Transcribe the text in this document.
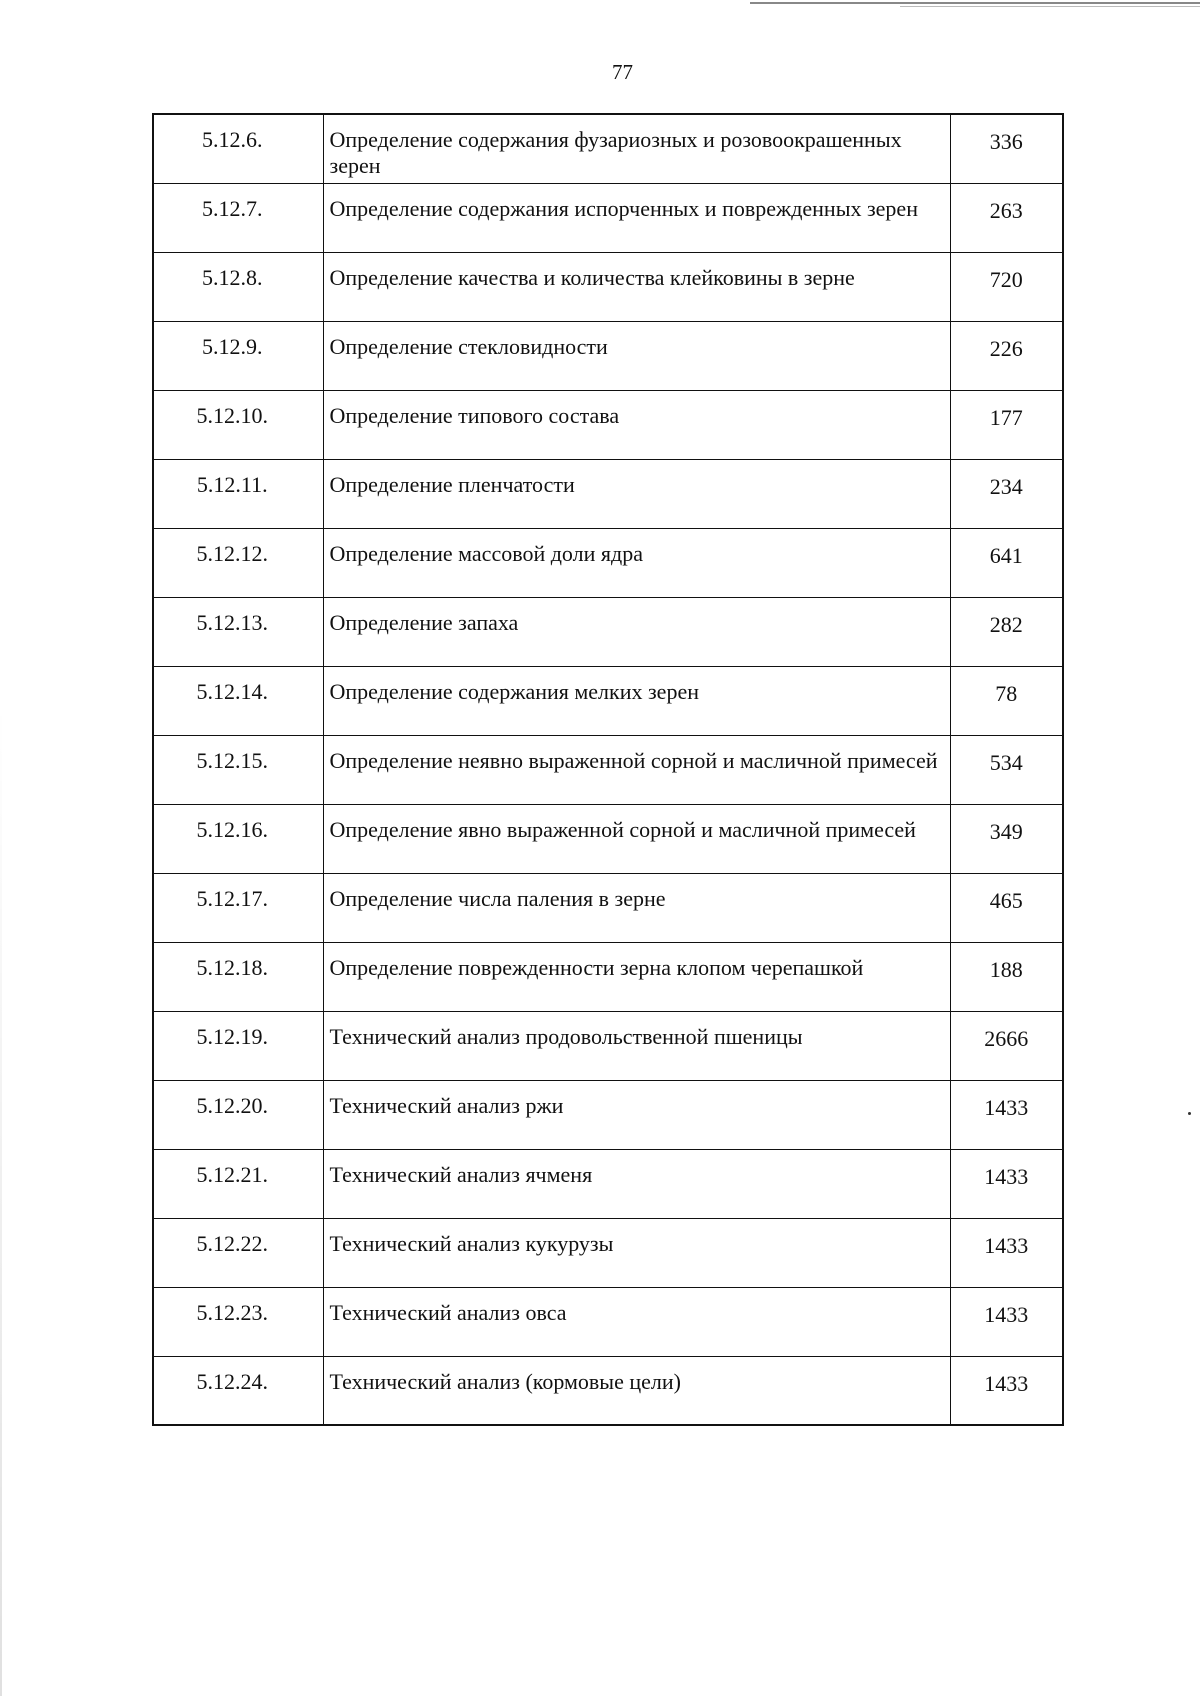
77
5.12.6.	Определение содержания фузариозных и розовоокрашенных зерен	336
5.12.7.	Определение содержания испорченных и поврежденных зерен	263
5.12.8.	Определение качества и количества клейковины в зерне	720
5.12.9.	Определение стекловидности	226
5.12.10.	Определение типового состава	177
5.12.11.	Определение пленчатости	234
5.12.12.	Определение массовой доли ядра	641
5.12.13.	Определение запаха	282
5.12.14.	Определение содержания мелких зерен	78
5.12.15.	Определение неявно выраженной сорной и масличной примесей	534
5.12.16.	Определение явно выраженной сорной и масличной примесей	349
5.12.17.	Определение числа паления в зерне	465
5.12.18.	Определение поврежденности зерна клопом черепашкой	188
5.12.19.	Технический анализ продовольственной пшеницы	2666
5.12.20.	Технический анализ ржи	1433
5.12.21.	Технический анализ ячменя	1433
5.12.22.	Технический анализ кукурузы	1433
5.12.23.	Технический анализ овса	1433
5.12.24.	Технический анализ (кормовые цели)	1433
